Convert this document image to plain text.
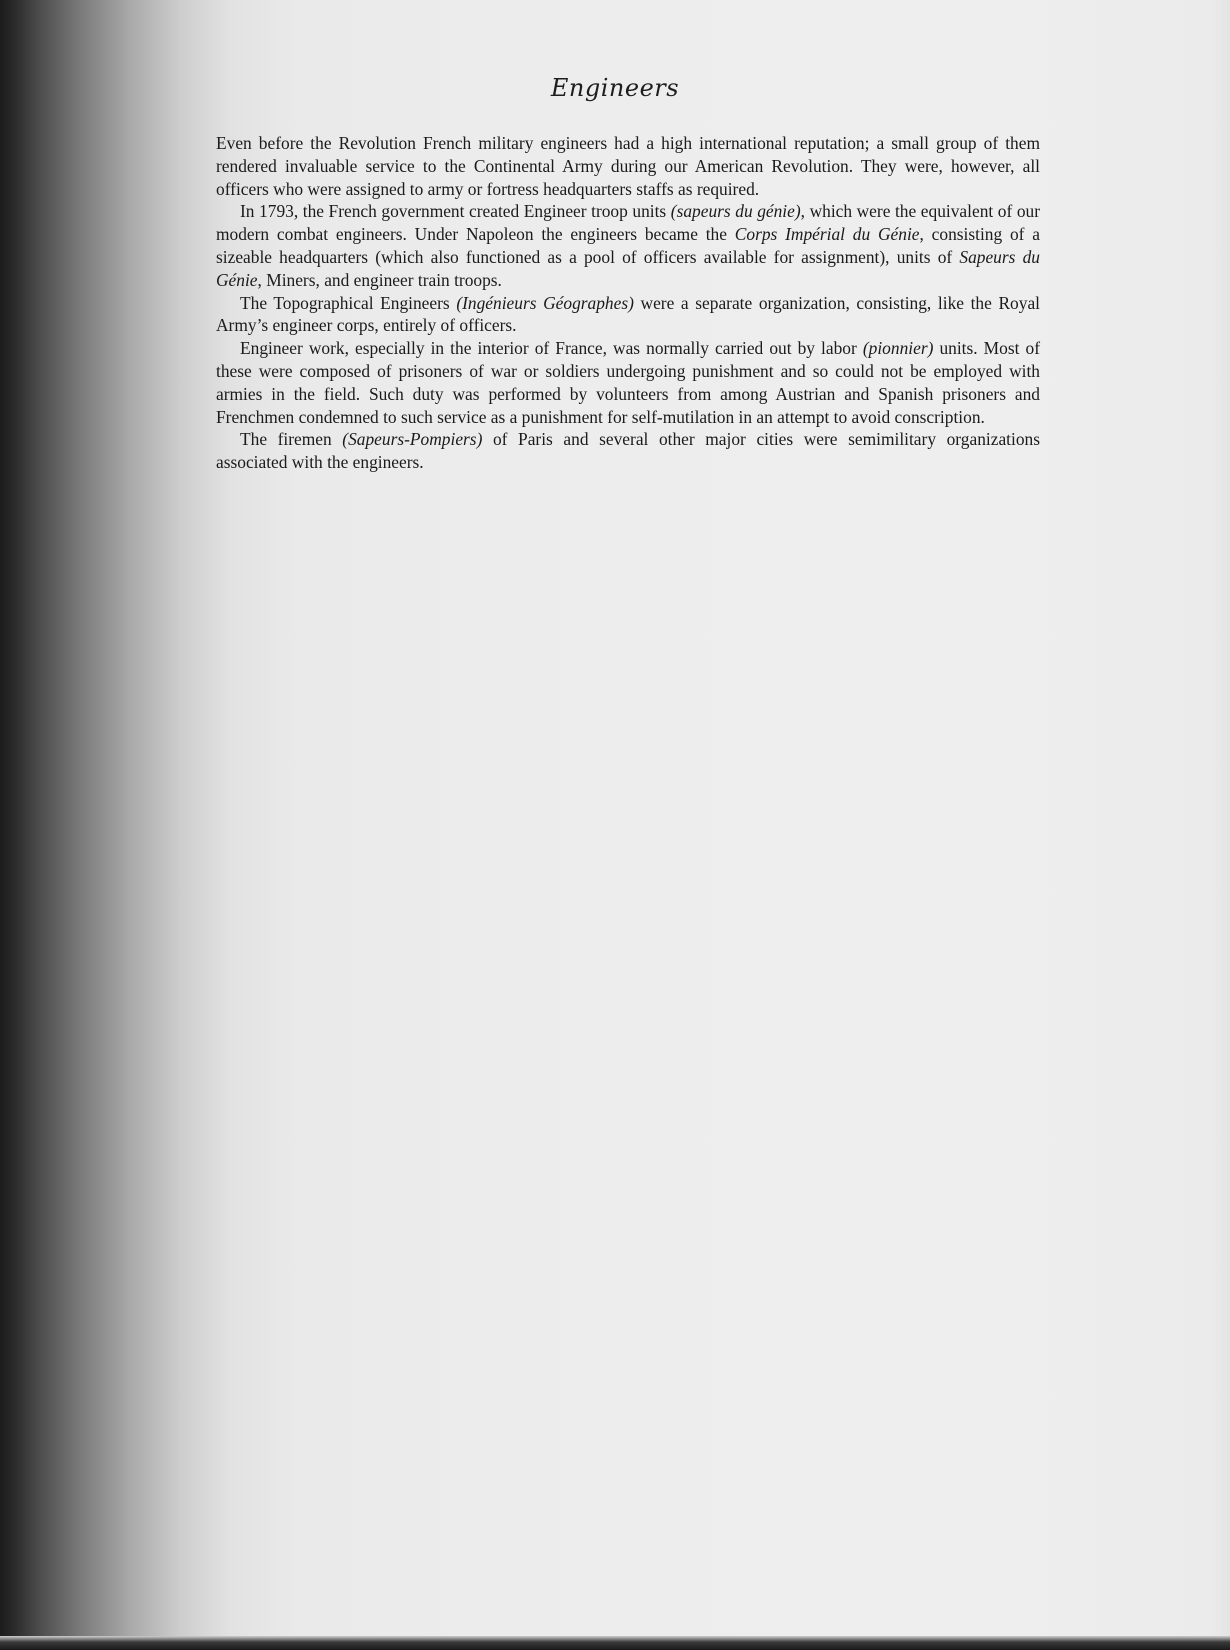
Engineers

Even before the Revolution French military engineers had a high international reputation; a small group of them rendered invaluable service to the Continental Army during our American Revolution. They were, however, all officers who were assigned to army or fortress headquarters staffs as required.

In 1793, the French government created Engineer troop units (sapeurs du génie), which were the equivalent of our modern combat engineers. Under Napoleon the engineers became the Corps Impérial du Génie, consisting of a sizeable headquarters (which also functioned as a pool of officers available for assignment), units of Sapeurs du Génie, Miners, and engineer train troops.

The Topographical Engineers (Ingénieurs Géographes) were a separate organization, consisting, like the Royal Army’s engineer corps, entirely of officers.

Engineer work, especially in the interior of France, was normally carried out by labor (pionnier) units. Most of these were composed of prisoners of war or soldiers undergoing punishment and so could not be employed with armies in the field. Such duty was performed by volunteers from among Austrian and Spanish prisoners and Frenchmen condemned to such service as a punishment for self-mutilation in an attempt to avoid conscription.

The firemen (Sapeurs-Pompiers) of Paris and several other major cities were semimilitary organizations associated with the engineers.
